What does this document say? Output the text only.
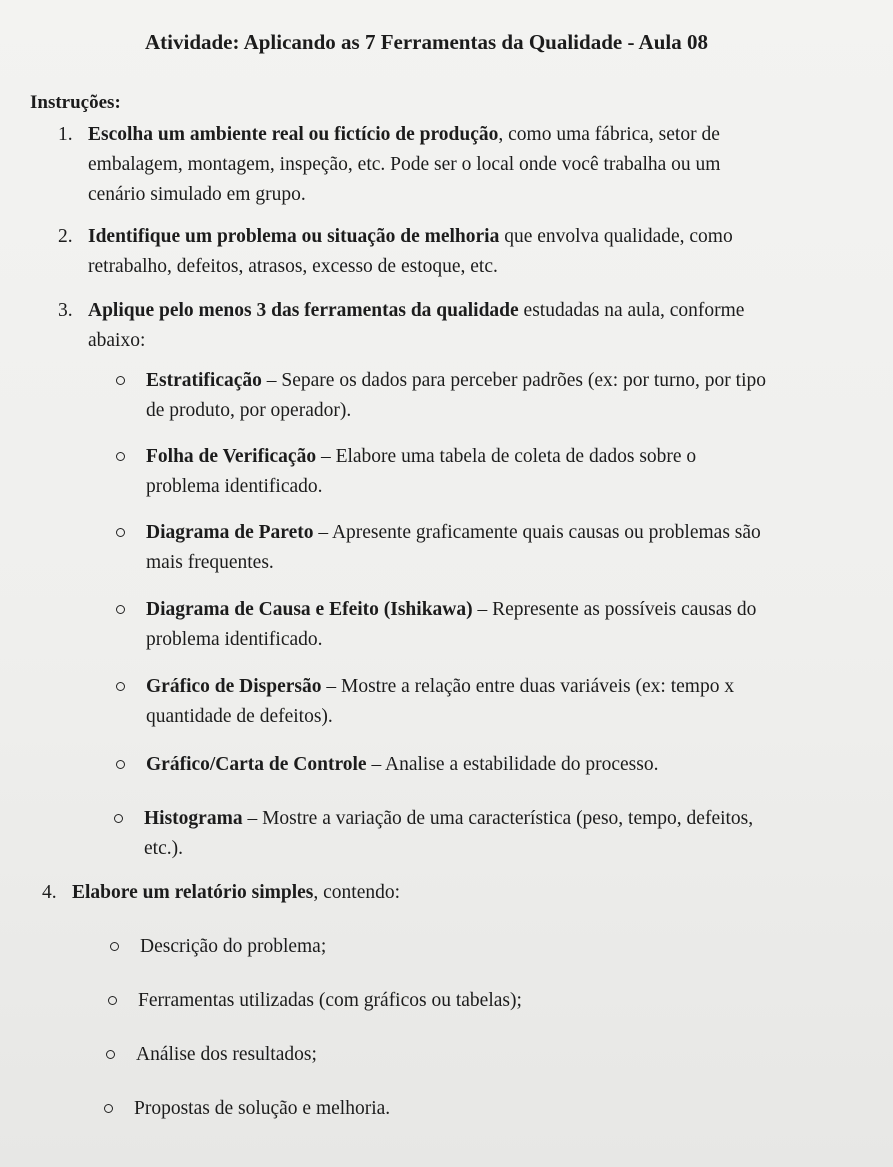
Atividade: Aplicando as 7 Ferramentas da Qualidade - Aula 08
Instruções:
1. Escolha um ambiente real ou fictício de produção, como uma fábrica, setor de

embalagem, montagem, inspeção, etc. Pode ser o local onde você trabalha ou um

cenário simulado em grupo.

2. Identifique um problema ou situação de melhoria que envolva qualidade, como

retrabalho, defeitos, atrasos, excesso de estoque, etc.

3. Aplique pelo menos 3 das ferramentas da qualidade estudadas na aula, conforme

abaixo:

Estratificação – Separe os dados para perceber padrões (ex: por turno, por tipo

de produto, por operador).

Folha de Verificação – Elabore uma tabela de coleta de dados sobre o

problema identificado.

Diagrama de Pareto – Apresente graficamente quais causas ou problemas são

mais frequentes.

Diagrama de Causa e Efeito (Ishikawa) – Represente as possíveis causas do

problema identificado.

Gráfico de Dispersão – Mostre a relação entre duas variáveis (ex: tempo x

quantidade de defeitos).

Gráfico/Carta de Controle – Analise a estabilidade do processo.

Histograma – Mostre a variação de uma característica (peso, tempo, defeitos,

etc.).

4. Elabore um relatório simples, contendo:

Descrição do problema;

Ferramentas utilizadas (com gráficos ou tabelas);

Análise dos resultados;

Propostas de solução e melhoria.
